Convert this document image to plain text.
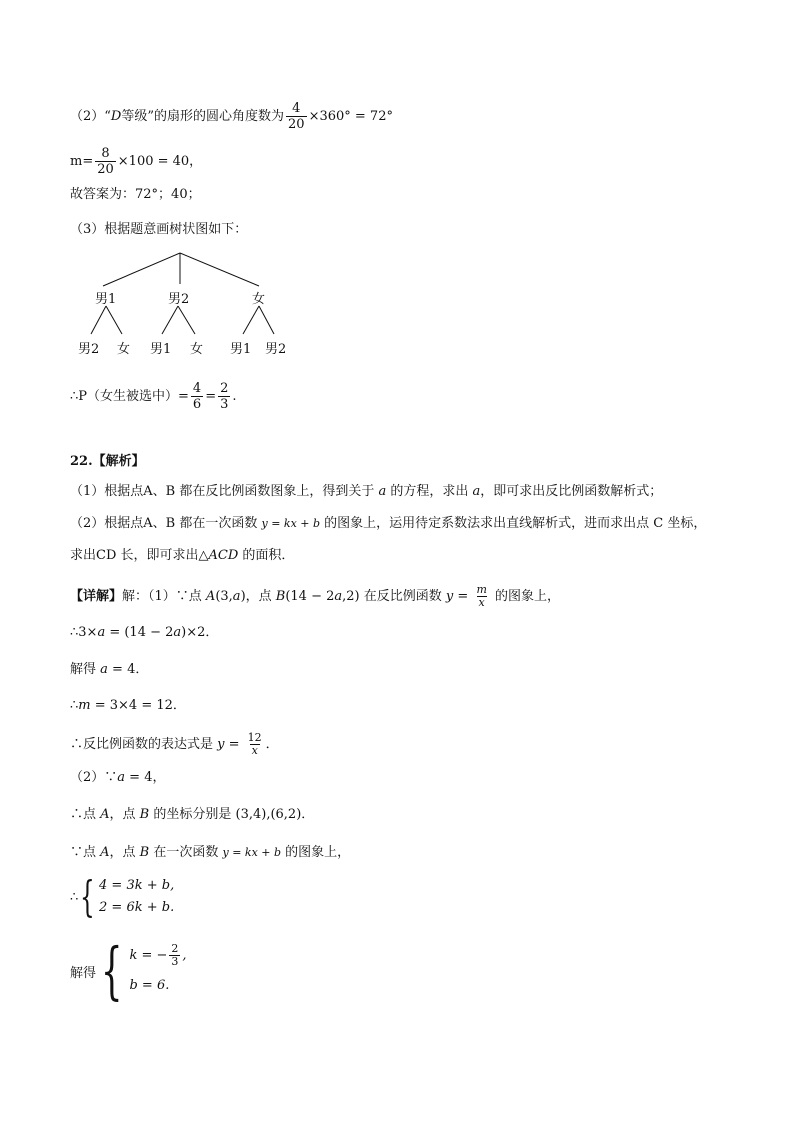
（2）“D等级”的扇形的圆心角度数为 $\frac{4}{20} \times 360^\circ = 72^\circ$
$m= \frac{8}{20} \times 100 = 40$，
故答案为：72°；40；
（3）根据题意画树状图如下：
男1	男2	女
男2 女 男1 女 男1 男2
∴P（女生被选中）= $\frac{4}{6} = \frac{2}{3}$ .
22.【解析】
（1）根据点A、B 都在反比例函数图象上，得到关于 a 的方程，求出 a，即可求出反比例函数解析式；
（2）根据点A、B 都在一次函数 y = kx + b 的图象上，运用待定系数法求出直线解析式，进而求出点 C 坐标，
求出CD 长，即可求出△ACD 的面积．
【详解】解：（1）∵点 A(3,a)，点 B(14 − 2a,2) 在反比例函数 $y = \frac{m}{x}$ 的图象上，
∴3×a = (14 − 2a)×2．
解得 a = 4．
∴m = 3×4 = 12．
∴反比例函数的表达式是 $y = \frac{12}{x}$ ．
（2）∵a = 4，
∴点 A，点 B 的坐标分别是 (3,4),(6,2)．
∵点 A，点 B 在一次函数 y = kx + b 的图象上，
∴ { 4 = 3k + b,
2 = 6k + b.
解得 { k = − $\frac{2}{3}$ ,
b = 6.
